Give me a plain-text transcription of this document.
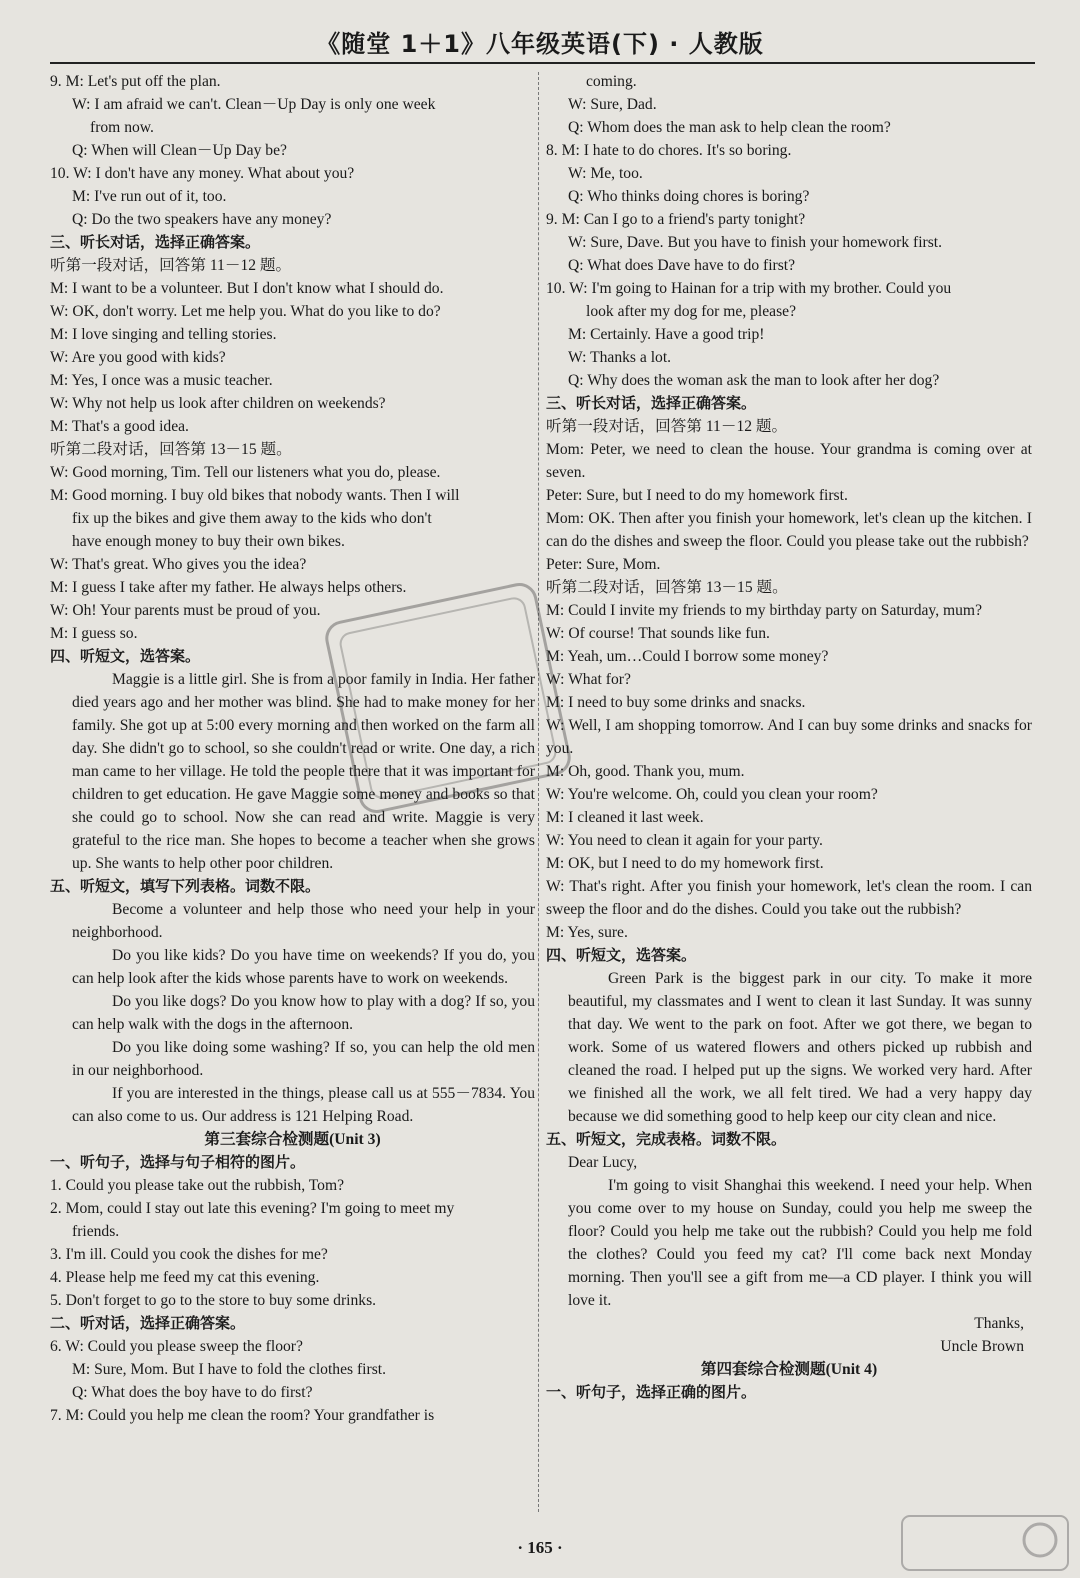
《随堂 1＋1》八年级英语(下) · 人教版

9. M: Let's put off the plan.

W: I am afraid we can't. Clean－Up Day is only one week

from now.

Q: When will Clean－Up Day be?

10. W: I don't have any money. What about you?

M: I've run out of it, too.

Q: Do the two speakers have any money?

三、听长对话，选择正确答案。

听第一段对话，回答第 11－12 题。

M: I want to be a volunteer. But I don't know what I should do.

W: OK, don't worry. Let me help you. What do you like to do?

M: I love singing and telling stories.

W: Are you good with kids?

M: Yes, I once was a music teacher.

W: Why not help us look after children on weekends?

M: That's a good idea.

听第二段对话，回答第 13－15 题。

W: Good morning, Tim. Tell our listeners what you do, please.

M: Good morning. I buy old bikes that nobody wants. Then I will

fix up the bikes and give them away to the kids who don't

have enough money to buy their own bikes.

W: That's great. Who gives you the idea?

M: I guess I take after my father. He always helps others.

W: Oh! Your parents must be proud of you.

M: I guess so.

四、听短文，选答案。

Maggie is a little girl. She is from a poor family in India. Her father died years ago and her mother was blind. She had to make money for her family. She got up at 5:00 every morning and then worked on the farm all day. She didn't go to school, so she couldn't read or write. One day, a rich man came to her village. He told the people there that it was important for children to get education. He gave Maggie some money and books so that she could go to school. Now she can read and write. Maggie is very grateful to the rice man. She hopes to become a teacher when she grows up. She wants to help other poor children.

五、听短文，填写下列表格。词数不限。

Become a volunteer and help those who need your help in your neighborhood.

Do you like kids? Do you have time on weekends? If you do, you can help look after the kids whose parents have to work on weekends.

Do you like dogs? Do you know how to play with a dog? If so, you can help walk with the dogs in the afternoon.

Do you like doing some washing? If so, you can help the old men in our neighborhood.

If you are interested in the things, please call us at 555－7834. You can also come to us. Our address is 121 Helping Road.

第三套综合检测题(Unit 3)

一、听句子，选择与句子相符的图片。

1. Could you please take out the rubbish, Tom?

2. Mom, could I stay out late this evening? I'm going to meet my

friends.

3. I'm ill. Could you cook the dishes for me?

4. Please help me feed my cat this evening.

5. Don't forget to go to the store to buy some drinks.

二、听对话，选择正确答案。

6. W: Could you please sweep the floor?

M: Sure, Mom. But I have to fold the clothes first.

Q: What does the boy have to do first?

7. M: Could you help me clean the room? Your grandfather is

coming.

W: Sure, Dad.

Q: Whom does the man ask to help clean the room?

8. M: I hate to do chores. It's so boring.

W: Me, too.

Q: Who thinks doing chores is boring?

9. M: Can I go to a friend's party tonight?

W: Sure, Dave. But you have to finish your homework first.

Q: What does Dave have to do first?

10. W: I'm going to Hainan for a trip with my brother. Could you

look after my dog for me, please?

M: Certainly. Have a good trip!

W: Thanks a lot.

Q: Why does the woman ask the man to look after her dog?

三、听长对话，选择正确答案。

听第一段对话，回答第 11－12 题。

Mom: Peter, we need to clean the house. Your grandma is coming over at seven.

Peter: Sure, but I need to do my homework first.

Mom: OK. Then after you finish your homework, let's clean up the kitchen. I can do the dishes and sweep the floor. Could you please take out the rubbish?

Peter: Sure, Mom.

听第二段对话，回答第 13－15 题。

M: Could I invite my friends to my birthday party on Saturday, mum?

W: Of course! That sounds like fun.

M: Yeah, um…Could I borrow some money?

W: What for?

M: I need to buy some drinks and snacks.

W: Well, I am shopping tomorrow. And I can buy some drinks and snacks for you.

M: Oh, good. Thank you, mum.

W: You're welcome. Oh, could you clean your room?

M: I cleaned it last week.

W: You need to clean it again for your party.

M: OK, but I need to do my homework first.

W: That's right. After you finish your homework, let's clean the room. I can sweep the floor and do the dishes. Could you take out the rubbish?

M: Yes, sure.

四、听短文，选答案。

Green Park is the biggest park in our city. To make it more beautiful, my classmates and I went to clean it last Sunday. It was sunny that day. We went to the park on foot. After we got there, we began to work. Some of us watered flowers and others picked up rubbish and cleaned the road. I helped put up the signs. We worked very hard. After we finished all the work, we all felt tired. We had a very happy day because we did something good to help keep our city clean and nice.

五、听短文，完成表格。词数不限。

Dear Lucy,

I'm going to visit Shanghai this weekend. I need your help. When you come over to my house on Sunday, could you help me sweep the floor? Could you help me take out the rubbish? Could you help me fold the clothes? Could you feed my cat? I'll come back next Monday morning. Then you'll see a gift from me—a CD player. I think you will love it.

Thanks,

Uncle Brown

第四套综合检测题(Unit 4)

一、听句子，选择正确的图片。

· 165 ·
